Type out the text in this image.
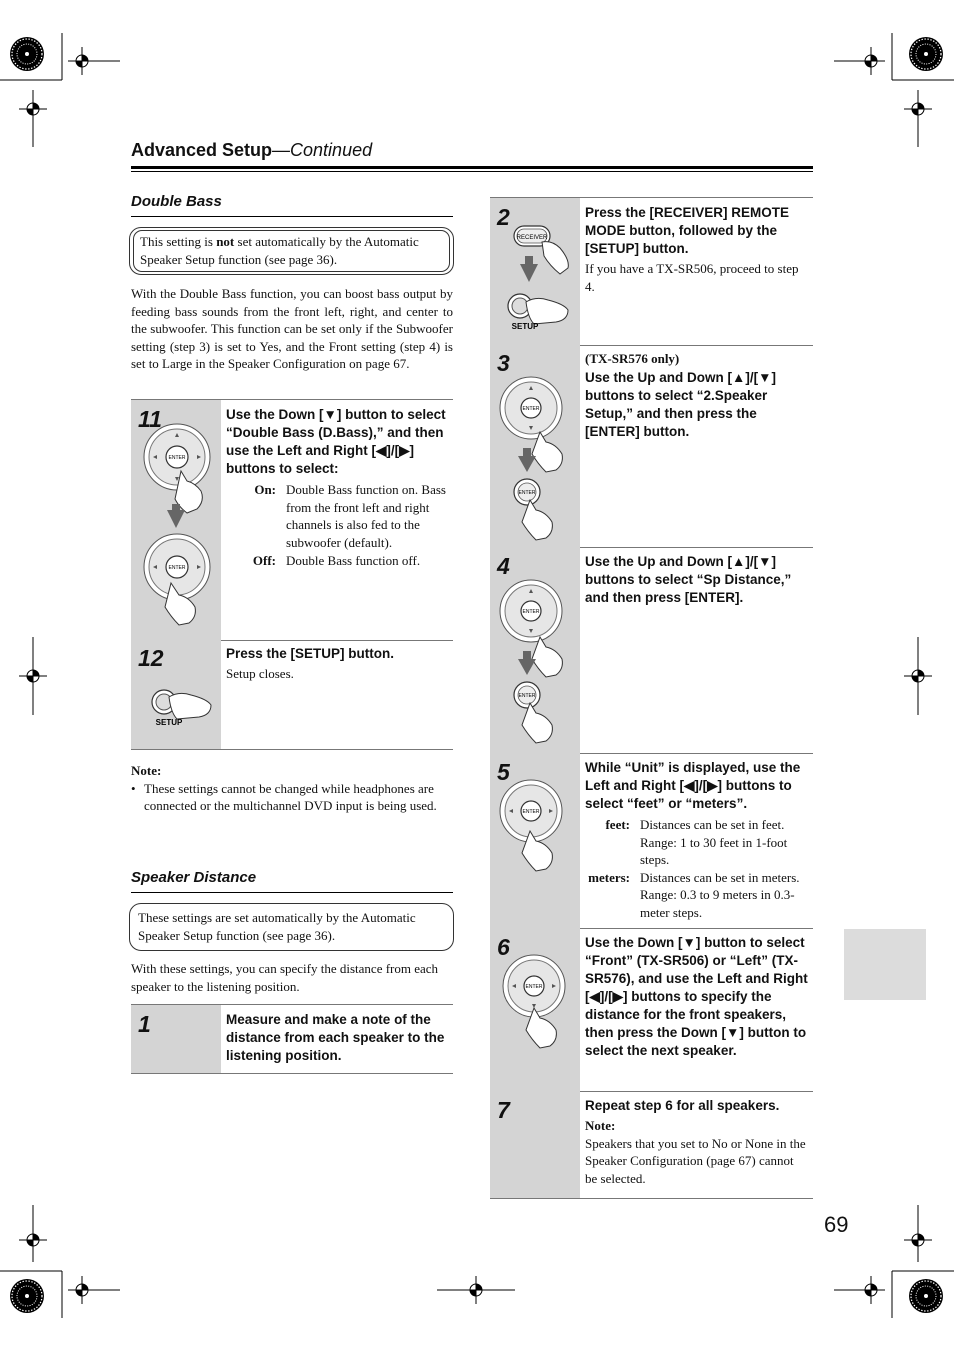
Advanced Setup—Continued
Double Bass
This setting is not set automatically by the Automatic Speaker Setup function (see page 36).
With the Double Bass function, you can boost bass output by feeding bass sounds from the front left, right, and center to the subwoofer. This function can be set only if the Subwoofer setting (step 3) is set to Yes, and the Front setting (step 4) is set to Large in the Speaker Configuration on page 67.
ENTER
ENTER
11	Use the Down [▼] button to select “Double Bass (D.Bass),” and then use the Left and Right [◀]/[▶] buttons to select:
On: Double Bass function on. Bass from the front left and right channels is also fed to the subwoofer (default).
Off: Double Bass function off.
SETUP
12	Press the [SETUP] button.
Setup closes.
Note:
• These settings cannot be changed while headphones are connected or the multichannel DVD input is being used.
Speaker Distance
These settings are set automatically by the Automatic Speaker Setup function (see page 36).
With these settings, you can specify the distance from each speaker to the listening position.
1	Measure and make a note of the distance from each speaker to the listening position.
RECEIVER
SETUP
2	Press the [RECEIVER] REMOTE MODE button, followed by the [SETUP] button.
If you have a TX-SR506, proceed to step 4.
ENTER
ENTER
3	(TX-SR576 only)
Use the Up and Down [▲]/[▼] buttons to select “2.Speaker Setup,” and then press the [ENTER] button.
ENTER
ENTER
4	Use the Up and Down [▲]/[▼] buttons to select “Sp Distance,” and then press [ENTER].
ENTER
5	While “Unit” is displayed, use the Left and Right [◀]/[▶] buttons to select “feet” or “meters”.
feet: Distances can be set in feet. Range: 1 to 30 feet in 1-foot steps.
meters: Distances can be set in meters. Range: 0.3 to 9 meters in 0.3-meter steps.
ENTER
6	Use the Down [▼] button to select “Front” (TX-SR506) or “Left” (TX-SR576), and use the Left and Right [◀]/[▶] buttons to specify the distance for the front speakers, then press the Down [▼] button to select the next speaker.
7	Repeat step 6 for all speakers.
Note:
Speakers that you set to No or None in the Speaker Configuration (page 67) cannot be selected.
69
